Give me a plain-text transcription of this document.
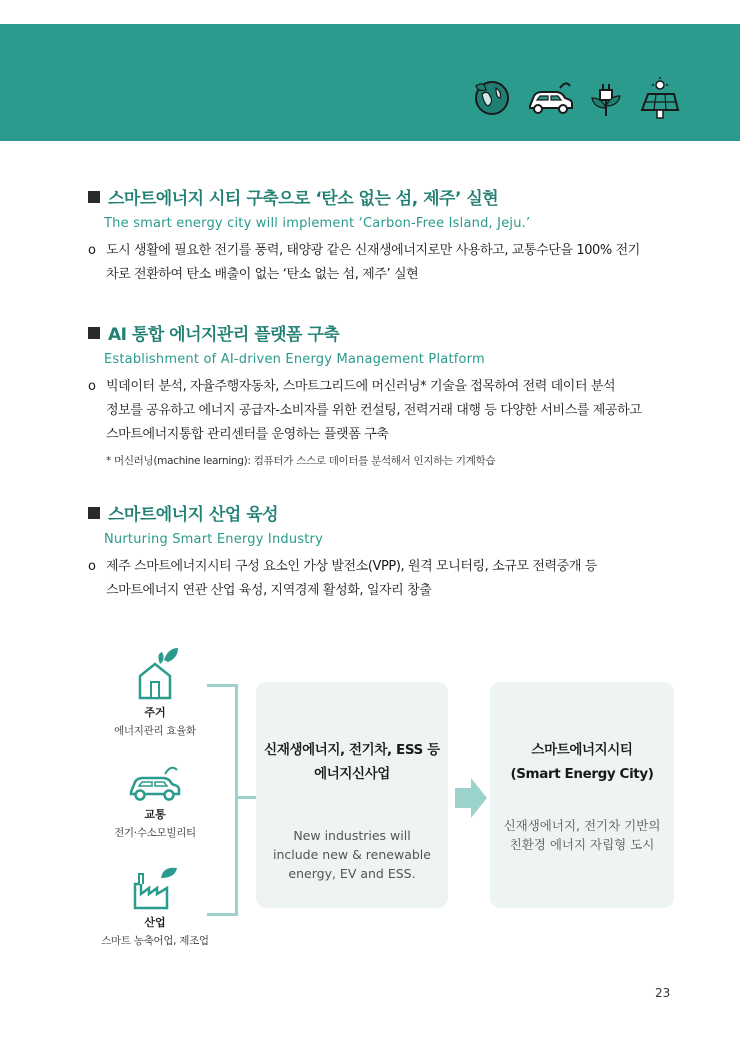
스마트에너지 시티 구축으로 ‘탄소 없는 섬, 제주’ 실현
The smart energy city will implement ‘Carbon-Free Island, Jeju.’
o 도시 생활에 필요한 전기를 풍력, 태양광 같은 신재생에너지로만 사용하고, 교통수단을 100% 전기
차로 전환하여 탄소 배출이 없는 ‘탄소 없는 섬, 제주’ 실현
AI 통합 에너지관리 플랫폼 구축
Establishment of AI-driven Energy Management Platform
o 빅데이터 분석, 자율주행자동차, 스마트그리드에 머신러닝* 기술을 접목하여 전력 데이터 분석
정보를 공유하고 에너지 공급자-소비자를 위한 컨설팅, 전력거래 대행 등 다양한 서비스를 제공하고
스마트에너지통합 관리센터를 운영하는 플랫폼 구축
* 머신러닝(machine learning): 컴퓨터가 스스로 데이터를 분석해서 인지하는 기계학습
스마트에너지 산업 육성
Nurturing Smart Energy Industry
o 제주 스마트에너지시티 구성 요소인 가상 발전소(VPP), 원격 모니터링, 소규모 전력중개 등
스마트에너지 연관 산업 육성, 지역경제 활성화, 일자리 창출
주거
에너지관리 효율화
교통
전기·수소모빌리티
산업
스마트 농축어업, 제조업
신재생에너지, 전기차, ESS 등
에너지신사업
New industries will
include new & renewable
energy, EV and ESS.
스마트에너지시티
(Smart Energy City)
신재생에너지, 전기차 기반의
친환경 에너지 자립형 도시
23
